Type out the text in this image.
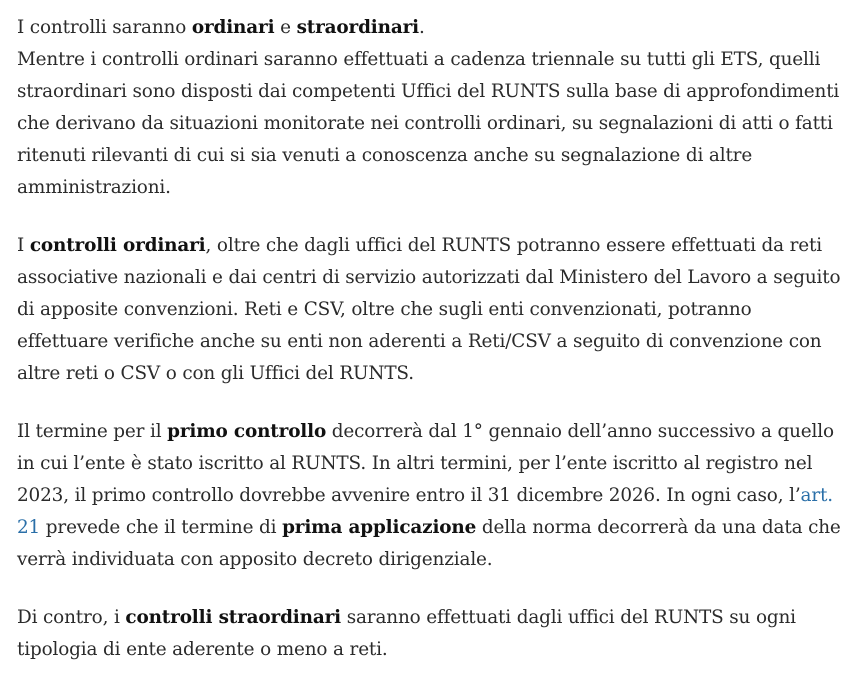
I controlli saranno ordinari e straordinari.
Mentre i controlli ordinari saranno effettuati a cadenza triennale su tutti gli ETS, quelli straordinari sono disposti dai competenti Uffici del RUNTS sulla base di approfondimenti che derivano da situazioni monitorate nei controlli ordinari, su segnalazioni di atti o fatti ritenuti rilevanti di cui si sia venuti a conoscenza anche su segnalazione di altre amministrazioni.

I controlli ordinari, oltre che dagli uffici del RUNTS potranno essere effettuati da reti associative nazionali e dai centri di servizio autorizzati dal Ministero del Lavoro a seguito di apposite convenzioni. Reti e CSV, oltre che sugli enti convenzionati, potranno effettuare verifiche anche su enti non aderenti a Reti/CSV a seguito di convenzione con altre reti o CSV o con gli Uffici del RUNTS.

Il termine per il primo controllo decorrerà dal 1° gennaio dell’anno successivo a quello in cui l’ente è stato iscritto al RUNTS. In altri termini, per l’ente iscritto al registro nel 2023, il primo controllo dovrebbe avvenire entro il 31 dicembre 2026. In ogni caso, l’art. 21 prevede che il termine di prima applicazione della norma decorrerà da una data che verrà individuata con apposito decreto dirigenziale.

Di contro, i controlli straordinari saranno effettuati dagli uffici del RUNTS su ogni tipologia di ente aderente o meno a reti.
